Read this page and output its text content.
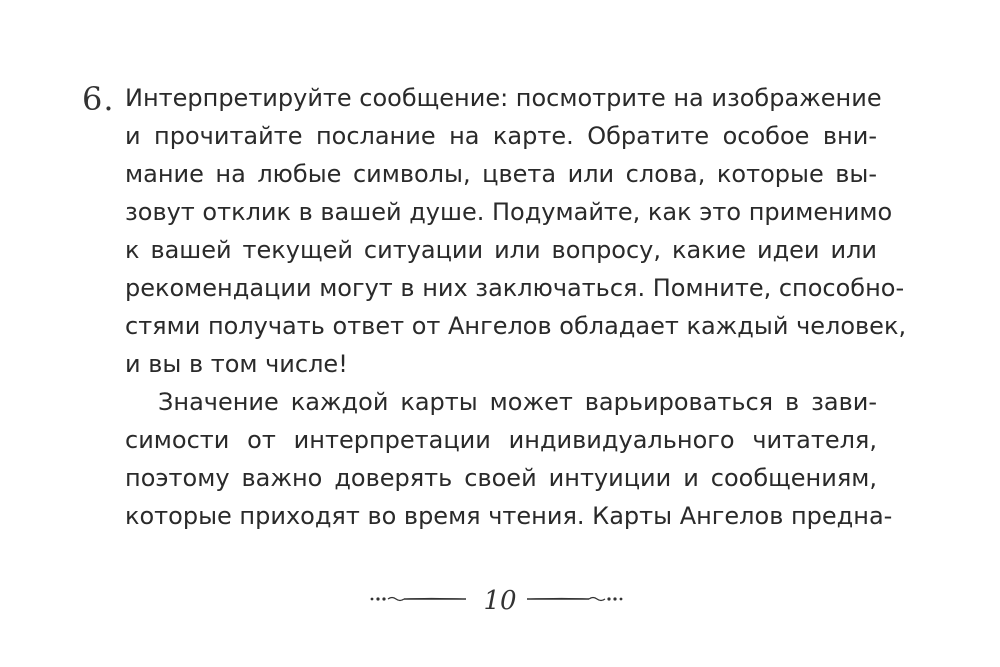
6. Интерпретируйте сообщение: посмотрите на изображение

и прочитайте послание на карте. Обратите особое вни-

мание на любые символы, цвета или слова, которые вы-

зовут отклик в вашей душе. Подумайте, как это применимо

к вашей текущей ситуации или вопросу, какие идеи или

рекомендации могут в них заключаться. Помните, способно-

стями получать ответ от Ангелов обладает каждый человек,

и вы в том числе!

Значение каждой карты может варьироваться в зави-

симости от интерпретации индивидуального читателя,

поэтому важно доверять своей интуиции и сообщениям,

которые приходят во время чтения. Карты Ангелов предна-

10
